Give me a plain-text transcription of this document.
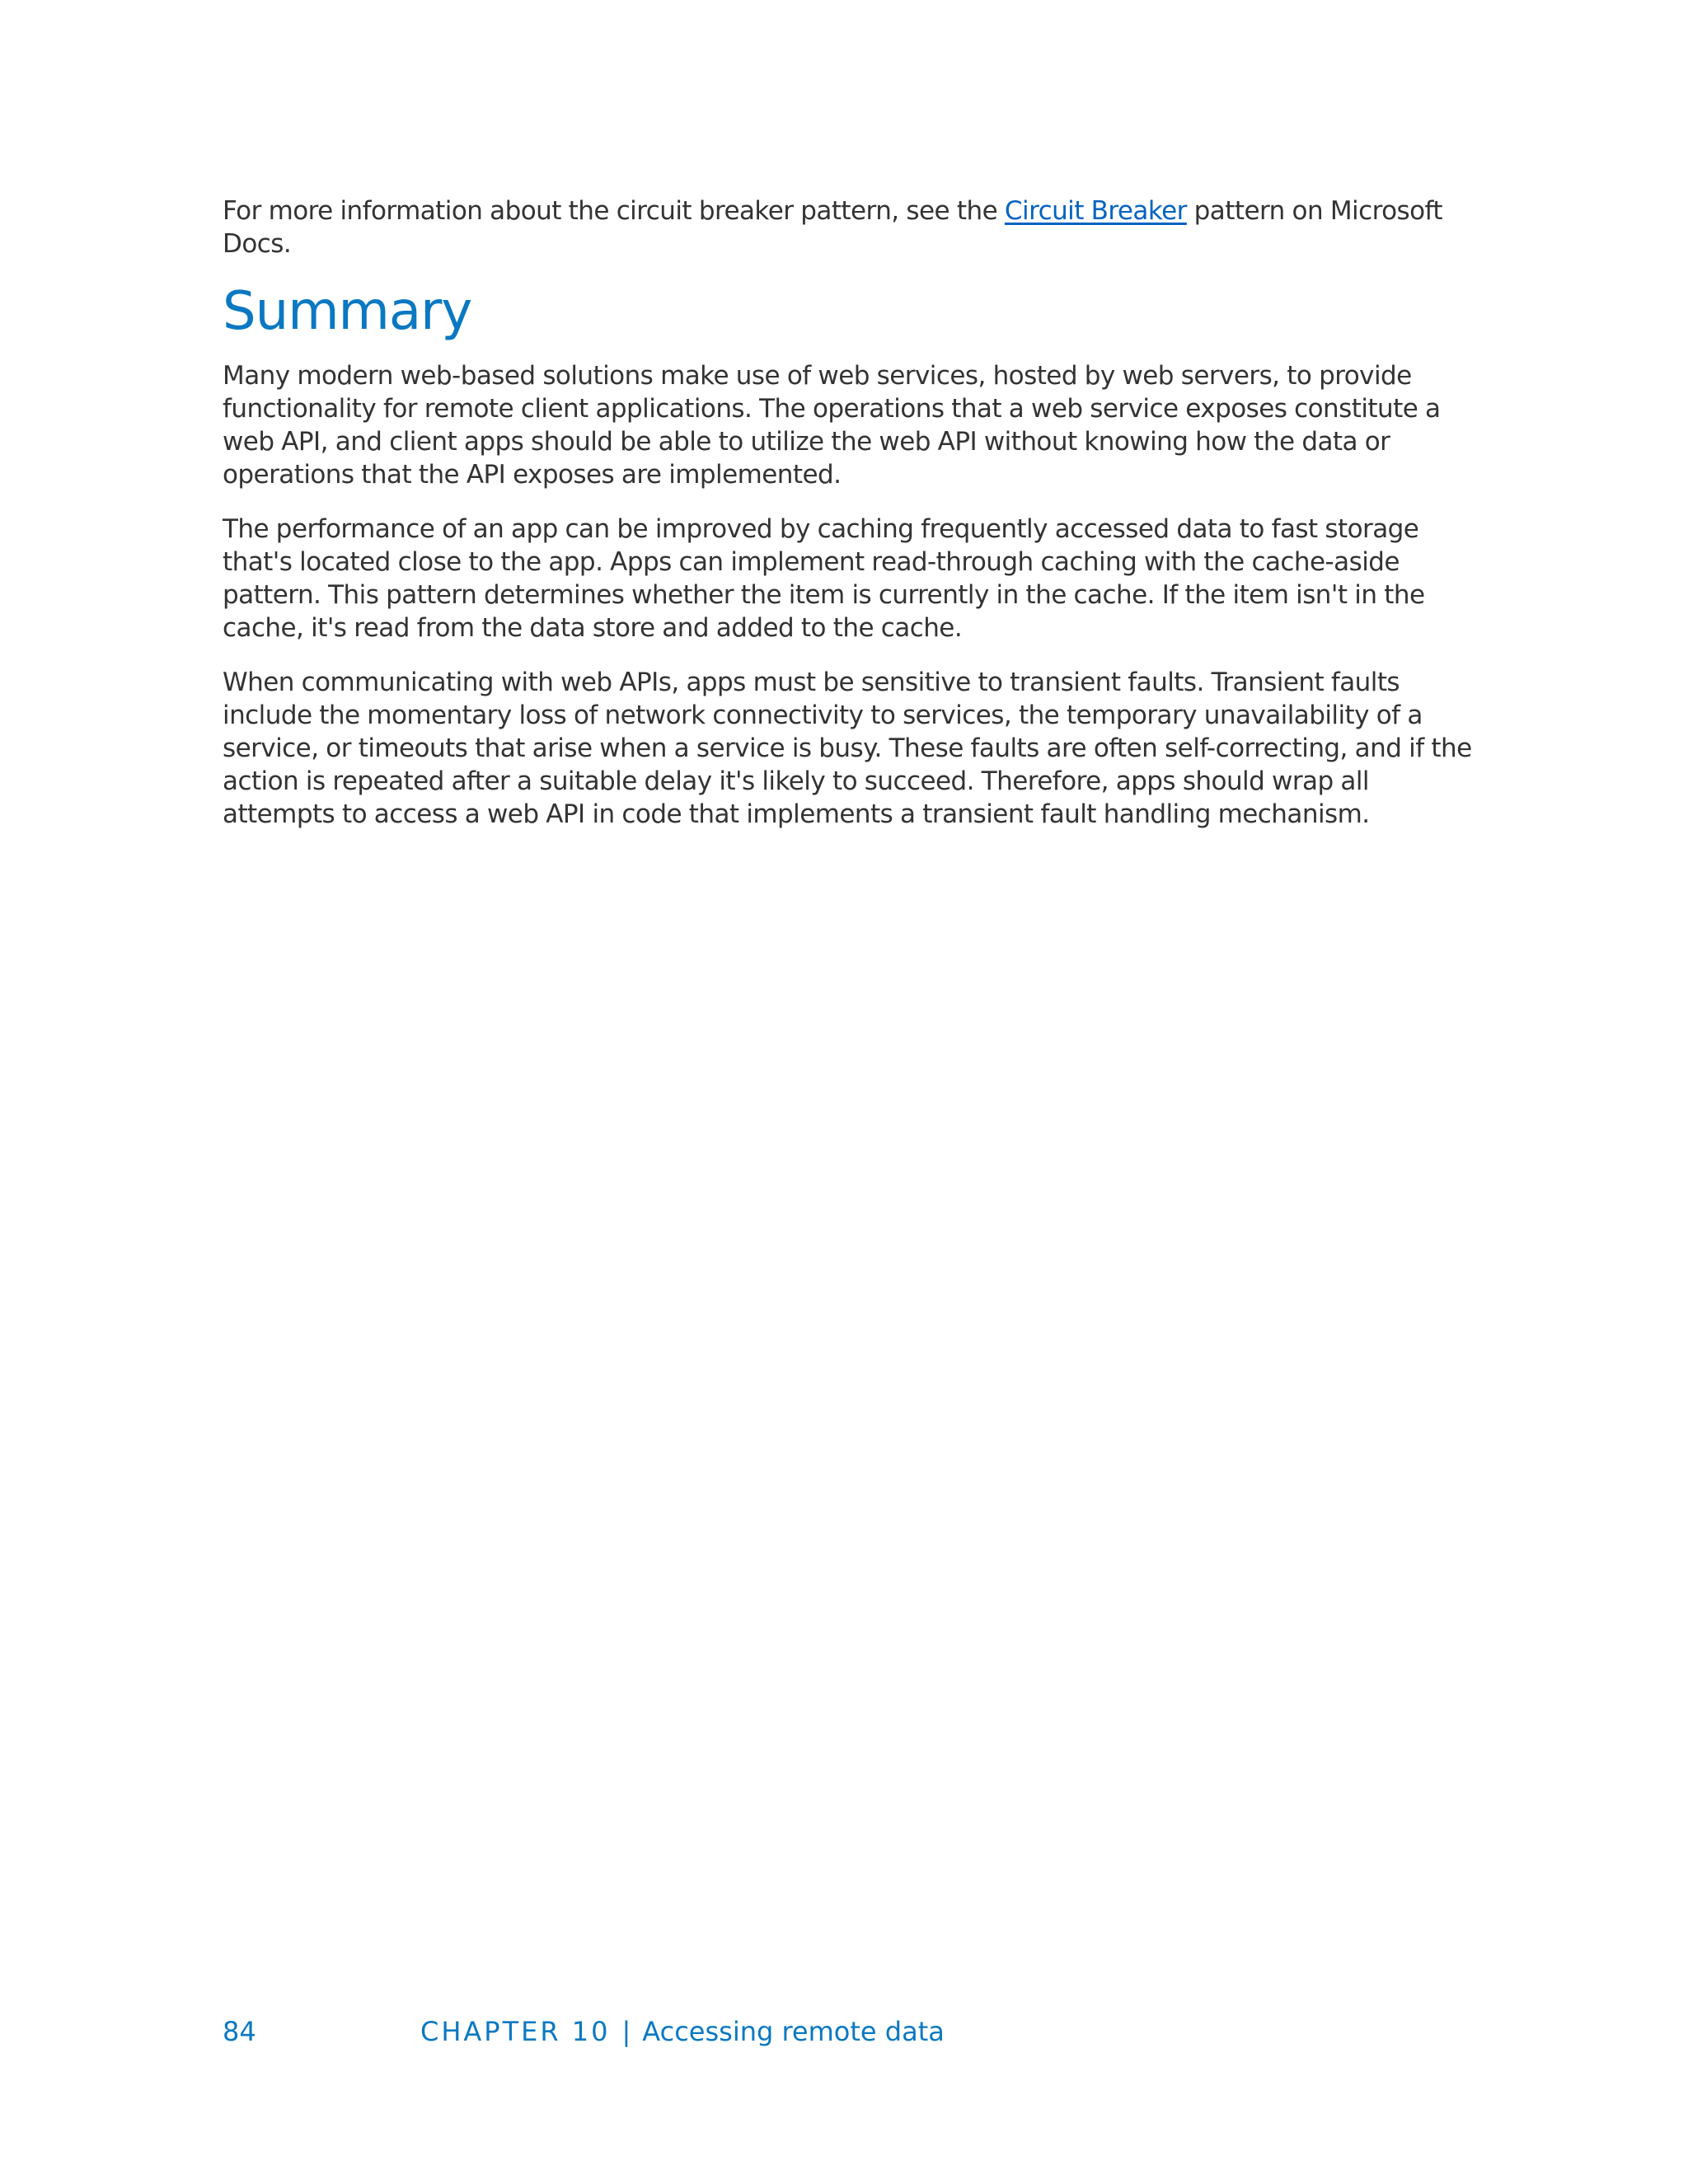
For more information about the circuit breaker pattern, see the Circuit Breaker pattern on Microsoft Docs.

Summary

Many modern web-based solutions make use of web services, hosted by web servers, to provide functionality for remote client applications. The operations that a web service exposes constitute a web API, and client apps should be able to utilize the web API without knowing how the data or operations that the API exposes are implemented.

The performance of an app can be improved by caching frequently accessed data to fast storage that's located close to the app. Apps can implement read-through caching with the cache-aside pattern. This pattern determines whether the item is currently in the cache. If the item isn't in the cache, it's read from the data store and added to the cache.

When communicating with web APIs, apps must be sensitive to transient faults. Transient faults include the momentary loss of network connectivity to services, the temporary unavailability of a service, or timeouts that arise when a service is busy. These faults are often self-correcting, and if the action is repeated after a suitable delay it's likely to succeed. Therefore, apps should wrap all attempts to access a web API in code that implements a transient fault handling mechanism.

84	CHAPTER 10 | Accessing remote data
